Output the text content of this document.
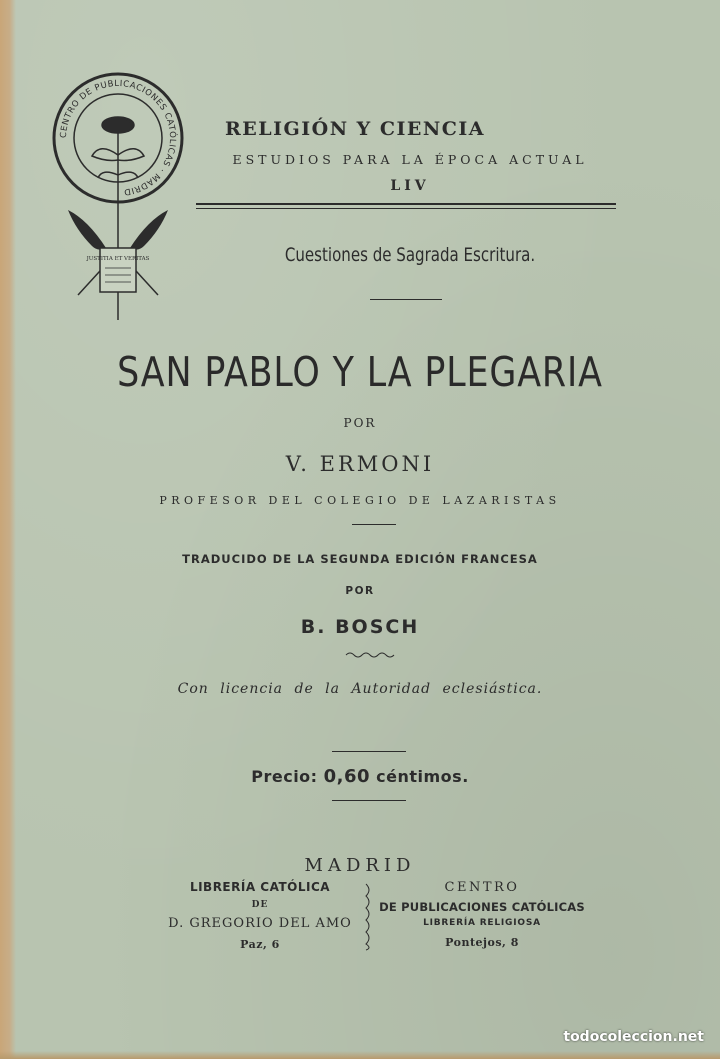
CENTRO DE PUBLICACIONES CATÓLICAS · MADRID
JUSTITIA ET VERITAS
RELIGIÓN Y CIENCIA
ESTUDIOS PARA LA ÉPOCA ACTUAL
LIV
Cuestiones de Sagrada Escritura.
SAN PABLO Y LA PLEGARIA
POR
V. ERMONI
PROFESOR DEL COLEGIO DE LAZARISTAS
TRADUCIDO DE LA SEGUNDA EDICIÓN FRANCESA
POR
B. BOSCH
Con licencia de la Autoridad eclesiástica.
Precio: 0,60 céntimos.
MADRID
LIBRERÍA CATÓLICA
DE
D. GREGORIO DEL AMO
Paz, 6
CENTRO
DE PUBLICACIONES CATÓLICAS
LIBRERÍA RELIGIOSA
Pontejos, 8
todocoleccion.net
